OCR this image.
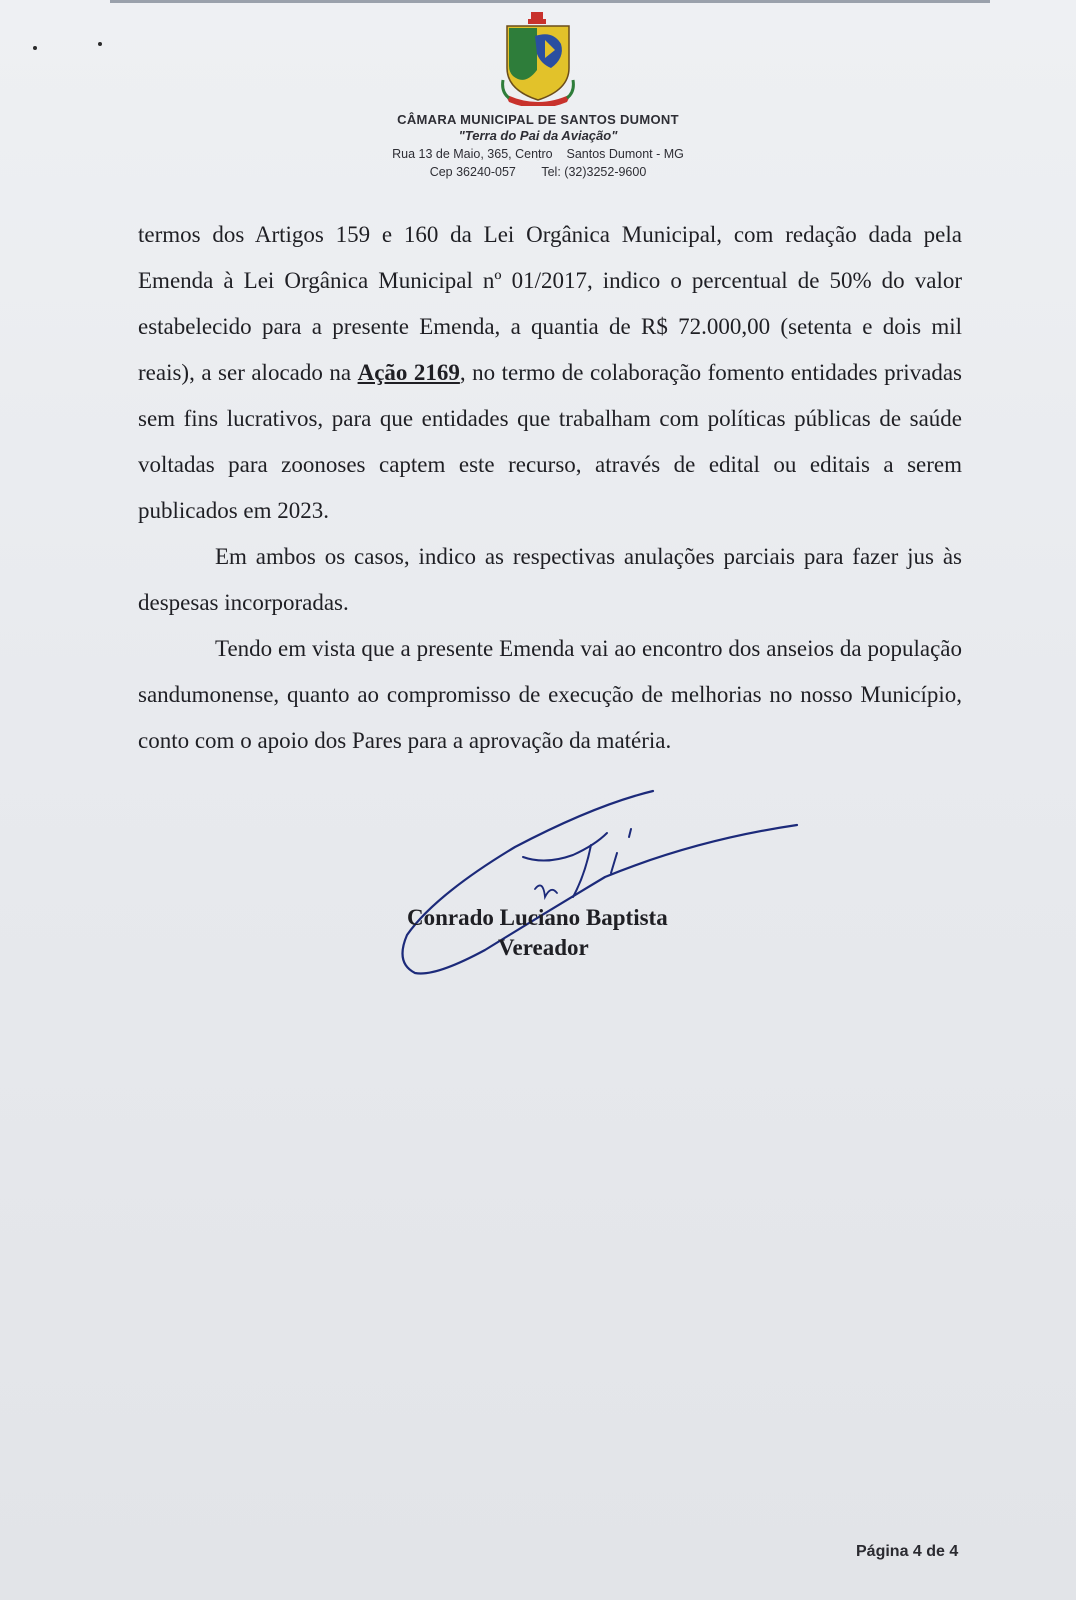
CÂMARA MUNICIPAL DE SANTOS DUMONT
"Terra do Pai da Aviação"
Rua 13 de Maio, 365, Centro    Santos Dumont - MG
Cep 36240-057 Tel: (32)3252-9600

termos dos Artigos 159 e 160 da Lei Orgânica Municipal, com redação dada pela Emenda à Lei Orgânica Municipal nº 01/2017, indico o percentual de 50% do valor estabelecido para a presente Emenda, a quantia de R$ 72.000,00 (setenta e dois mil reais), a ser alocado na Ação 2169, no termo de colaboração fomento entidades privadas sem fins lucrativos, para que entidades que trabalham com políticas públicas de saúde voltadas para zoonoses captem este recurso, através de edital ou editais a serem publicados em 2023.

Em ambos os casos, indico as respectivas anulações parciais para fazer jus às despesas incorporadas.

Tendo em vista que a presente Emenda vai ao encontro dos anseios da população sandumonense, quanto ao compromisso de execução de melhorias no nosso Município, conto com o apoio dos Pares para a aprovação da matéria.

Conrado Luciano Baptista
Vereador
Página 4 de 4
